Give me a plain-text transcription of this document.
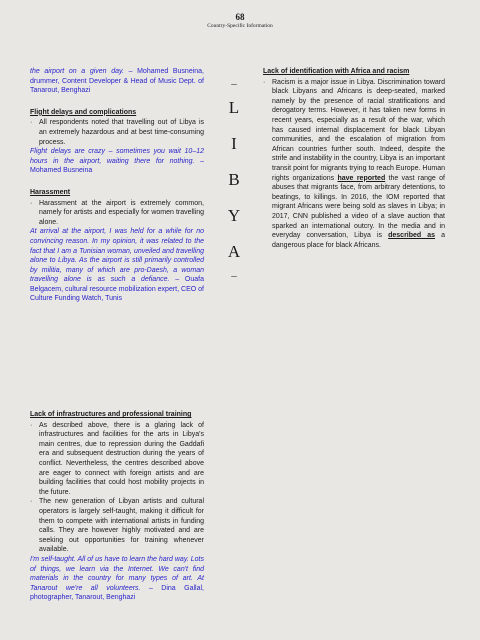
68
Country-Specific Information

the airport on a given day. – Mohamed Busneina, drummer, Content Developer & Head of Music Dept. of Tanarout, Benghazi

Flight delays and complications

· All respondents noted that travelling out of Libya is an extremely hazardous and at best time-consuming process.

Flight delays are crazy – sometimes you wait 10–12 hours in the airport, waiting there for nothing. – Mohamed Busneina

Harassment

· Harassment at the airport is extremely common, namely for artists and especially for women travelling alone.

At arrival at the airport, I was held for a while for no convincing reason. In my opinion, it was related to the fact that I am a Tunisian woman, unveiled and travelling alone to Libya. As the airport is still primarily controlled by militia, many of which are pro-Daesh, a woman travelling alone is as such a defiance. – Ouafa Belgacem, cultural resource mobilization expert, CEO of Culture Funding Watch, Tunis

Lack of infrastructures and professional training

· As described above, there is a glaring lack of infrastructures and facilities for the arts in Libya's main centres, due to repression during the Gaddafi era and subsequent destruction during the years of conflict. Nevertheless, the centres described above are eager to connect with foreign artists and are building facilities that could host mobility projects in the future.

· The new generation of Libyan artists and cultural operators is largely self-taught, making it difficult for them to compete with international artists in funding calls. They are however highly motivated and are seeking out opportunities for training whenever available.

I'm self-taught. All of us have to learn the hard way. Lots of things, we learn via the Internet. We can't find materials in the country for many types of art. At Tanarout we're all volunteers. – Dina Gallal, photographer, Tanarout, Benghazi

–
L
I
B
Y
A
–
Lack of identification with Africa and racism

· Racism is a major issue in Libya. Discrimination toward black Libyans and Africans is deep-seated, marked namely by the presence of racial stratifications and derogatory terms. However, it has taken new forms in recent years, especially as a result of the war, which has caused internal displacement for black Libyan communities, and the escalation of migration from African countries further south. Indeed, despite the strife and instability in the country, Libya is an important transit point for migrants trying to reach Europe. Human rights organizations have reported the vast range of abuses that migrants face, from arbitrary detentions, to beatings, to killings. In 2016, the IOM reported that migrant Africans were being sold as slaves in Libya; in 2017, CNN published a video of a slave auction that sparked an international outcry. In the media and in everyday conversation, Libya is described as a dangerous place for black Africans.
